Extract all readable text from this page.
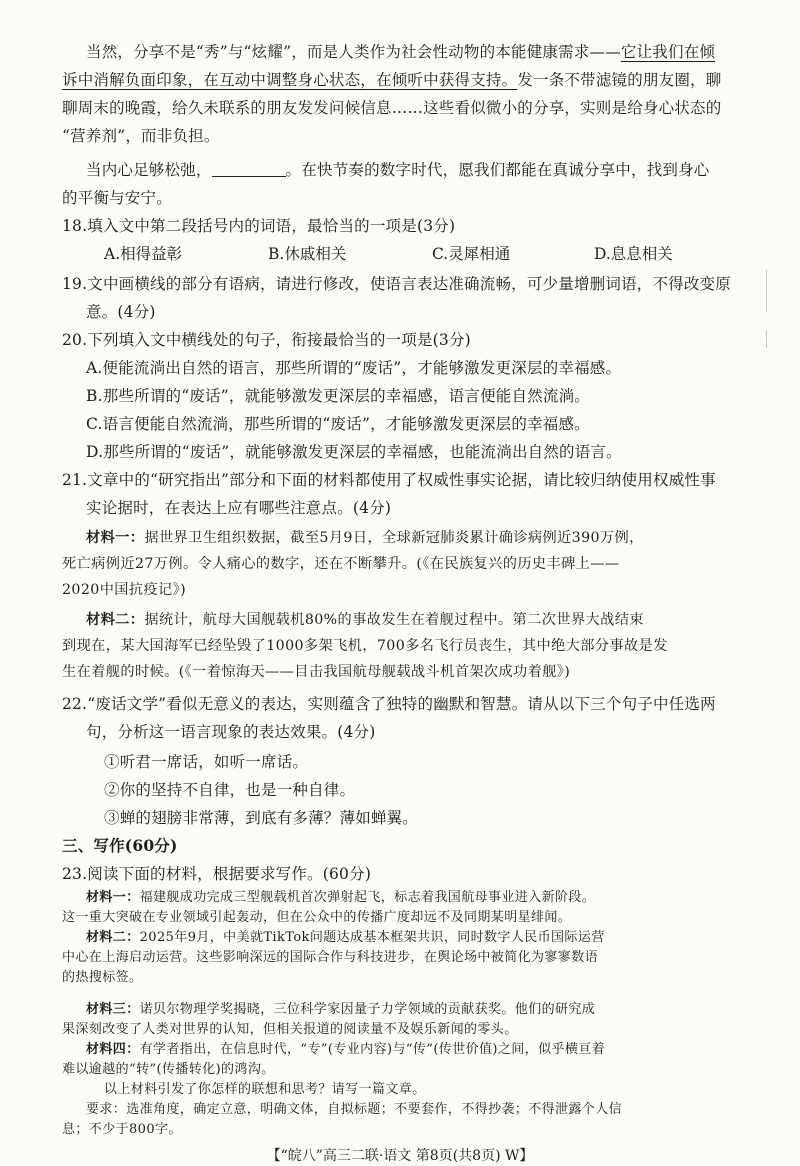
当然，分享不是“秀”与“炫耀”，而是人类作为社会性动物的本能健康需求——它让我们在倾
诉中消解负面印象，在互动中调整身心状态，在倾听中获得支持。发一条不带滤镜的朋友圈，聊
聊周末的晚霞，给久未联系的朋友发发问候信息……这些看似微小的分享，实则是给身心状态的
“营养剂”，而非负担。
当内心足够松弛，	。在快节奏的数字时代，愿我们都能在真诚分享中，找到身心
的平衡与安宁。
18.填入文中第二段括号内的词语，最恰当的一项是(3分)
A.相得益彰	B.休戚相关	C.灵犀相通	D.息息相关
19.文中画横线的部分有语病，请进行修改，使语言表达准确流畅，可少量增删词语，不得改变原
意。(4分)
20.下列填入文中横线处的句子，衔接最恰当的一项是(3分)
A.便能流淌出自然的语言，那些所谓的“废话”，才能够激发更深层的幸福感。
B.那些所谓的“废话”，就能够激发更深层的幸福感，语言便能自然流淌。
C.语言便能自然流淌，那些所谓的“废话”，才能够激发更深层的幸福感。
D.那些所谓的“废话”，就能够激发更深层的幸福感，也能流淌出自然的语言。
21.文章中的“研究指出”部分和下面的材料都使用了权威性事实论据，请比较归纳使用权威性事
实论据时，在表达上应有哪些注意点。(4分)
材料一：据世界卫生组织数据，截至5月9日，全球新冠肺炎累计确诊病例近390万例，
死亡病例近27万例。令人痛心的数字，还在不断攀升。(《在民族复兴的历史丰碑上——
2020中国抗疫记》)
材料二：据统计，航母大国舰载机80%的事故发生在着舰过程中。第二次世界大战结束
到现在，某大国海军已经坠毁了1000多架飞机，700多名飞行员丧生，其中绝大部分事故是发
生在着舰的时候。(《一着惊海天——目击我国航母舰载战斗机首架次成功着舰》)
22.“废话文学”看似无意义的表达，实则蕴含了独特的幽默和智慧。请从以下三个句子中任选两
句，分析这一语言现象的表达效果。(4分)
①听君一席话，如听一席话。
②你的坚持不自律，也是一种自律。
③蝉的翅膀非常薄，到底有多薄？薄如蝉翼。
三、写作(60分)
23.阅读下面的材料，根据要求写作。(60分)
材料一：福建舰成功完成三型舰载机首次弹射起飞，标志着我国航母事业进入新阶段。
这一重大突破在专业领域引起轰动，但在公众中的传播广度却远不及同期某明星绯闻。
材料二：2025年9月，中美就TikTok问题达成基本框架共识，同时数字人民币国际运营
中心在上海启动运营。这些影响深远的国际合作与科技进步，在舆论场中被简化为寥寥数语
的热搜标签。
材料三：诺贝尔物理学奖揭晓，三位科学家因量子力学领域的贡献获奖。他们的研究成
果深刻改变了人类对世界的认知，但相关报道的阅读量不及娱乐新闻的零头。
材料四：有学者指出，在信息时代，“专”(专业内容)与“传”(传世价值)之间，似乎横亘着
难以逾越的“转”(传播转化)的鸿沟。
以上材料引发了你怎样的联想和思考？请写一篇文章。
要求：选准角度，确定立意，明确文体，自拟标题；不要套作，不得抄袭；不得泄露个人信
息；不少于800字。
【“皖八”高三二联·语文 第8页(共8页) W】
